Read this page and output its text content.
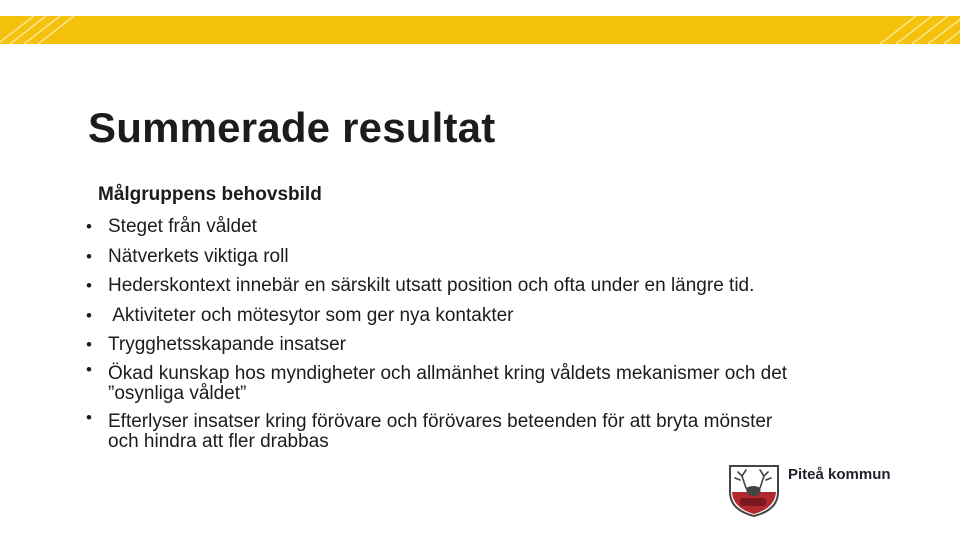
Summerade resultat
Målgruppens behovsbild
• Steget från våldet
• Nätverkets viktiga roll
• Hederskontext innebär en särskilt utsatt position och ofta under en längre tid.
•  Aktiviteter och mötesytor som ger nya kontakter
• Trygghetsskapande insatser
• Ökad kunskap hos myndigheter och allmänhet kring våldets mekanismer och det ”osynliga våldet”
• Efterlyser insatser kring förövare och förövares beteenden för att bryta mönster och hindra att fler drabbas
Piteå kommun
